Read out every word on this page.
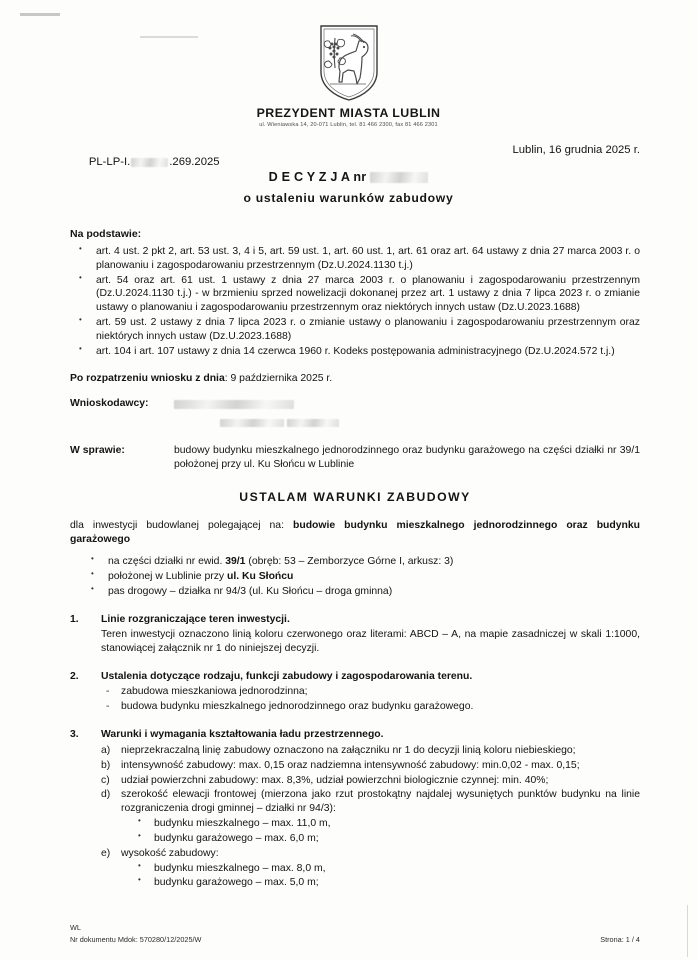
PREZYDENT MIASTA LUBLIN
ul. Wieniawska 14, 20-071 Lublin, tel. 81 466 2300, fax 81 466 2301

PL-LP-I.	.269.2025

Lublin, 16 grudnia 2025 r.
D E C Y Z J A nr
o ustaleniu warunków zabudowy
Na podstawie:
• art. 4 ust. 2 pkt 2, art. 53 ust. 3, 4 i 5, art. 59 ust. 1, art. 60 ust. 1, art. 61 oraz art. 64 ustawy z dnia 27 marca 2003 r. o planowaniu i zagospodarowaniu przestrzennym (Dz.U.2024.1130 t.j.)
• art. 54 oraz art. 61 ust. 1 ustawy z dnia 27 marca 2003 r. o planowaniu i zagospodarowaniu przestrzennym (Dz.U.2024.1130 t.j.) - w brzmieniu sprzed nowelizacji dokonanej przez art. 1 ustawy z dnia 7 lipca 2023 r. o zmianie ustawy o planowaniu i zagospodarowaniu przestrzennym oraz niektórych innych ustaw (Dz.U.2023.1688)
• art. 59 ust. 2 ustawy z dnia 7 lipca 2023 r. o zmianie ustawy o planowaniu i zagospodarowaniu przestrzennym oraz niektórych innych ustaw (Dz.U.2023.1688)
• art. 104 i art. 107 ustawy z dnia 14 czerwca 1960 r. Kodeks postępowania administracyjnego (Dz.U.2024.572 t.j.)
Po rozpatrzeniu wniosku z dnia: 9 października 2025 r.
Wnioskodawcy:

W sprawie:	budowy budynku mieszkalnego jednorodzinnego oraz budynku garażowego na części działki nr 39/1 położonej przy ul. Ku Słońcu w Lublinie
USTALAM WARUNKI ZABUDOWY
dla inwestycji budowlanej polegającej na: budowie budynku mieszkalnego jednorodzinnego oraz budynku garażowego
• na części działki nr ewid. 39/1 (obręb: 53 – Zemborzyce Górne I, arkusz: 3)
• położonej w Lublinie przy ul. Ku Słońcu
• pas drogowy – działka nr 94/3 (ul. Ku Słońcu – droga gminna)
1.	Linie rozgraniczające teren inwestycji.
Teren inwestycji oznaczono linią koloru czerwonego oraz literami: ABCD – A, na mapie zasadniczej w skali 1:1000, stanowiącej załącznik nr 1 do niniejszej decyzji.
2.	Ustalenia dotyczące rodzaju, funkcji zabudowy i zagospodarowania terenu.
- zabudowa mieszkaniowa jednorodzinna;
- budowa budynku mieszkalnego jednorodzinnego oraz budynku garażowego.
3.	Warunki i wymagania kształtowania ładu przestrzennego.
nieprzekraczalną linię zabudowy oznaczono na załączniku nr 1 do decyzji linią koloru niebieskiego;
intensywność zabudowy: max. 0,15 oraz nadziemna intensywność zabudowy: min.0,02 - max. 0,15;
udział powierzchni zabudowy: max. 8,3%, udział powierzchni biologicznie czynnej: min. 40%;
szerokość elewacji frontowej (mierzona jako rzut prostokątny najdalej wysuniętych punktów budynku na linie rozgraniczenia drogi gminnej – działki nr 94/3):
• budynku mieszkalnego – max. 11,0 m,
• budynku garażowego – max. 6,0 m;
wysokość zabudowy:
• budynku mieszkalnego – max. 8,0 m,
• budynku garażowego – max. 5,0 m;
WL
Nr dokumentu Mdok: 570280/12/2025/W	Strona: 1 / 4
